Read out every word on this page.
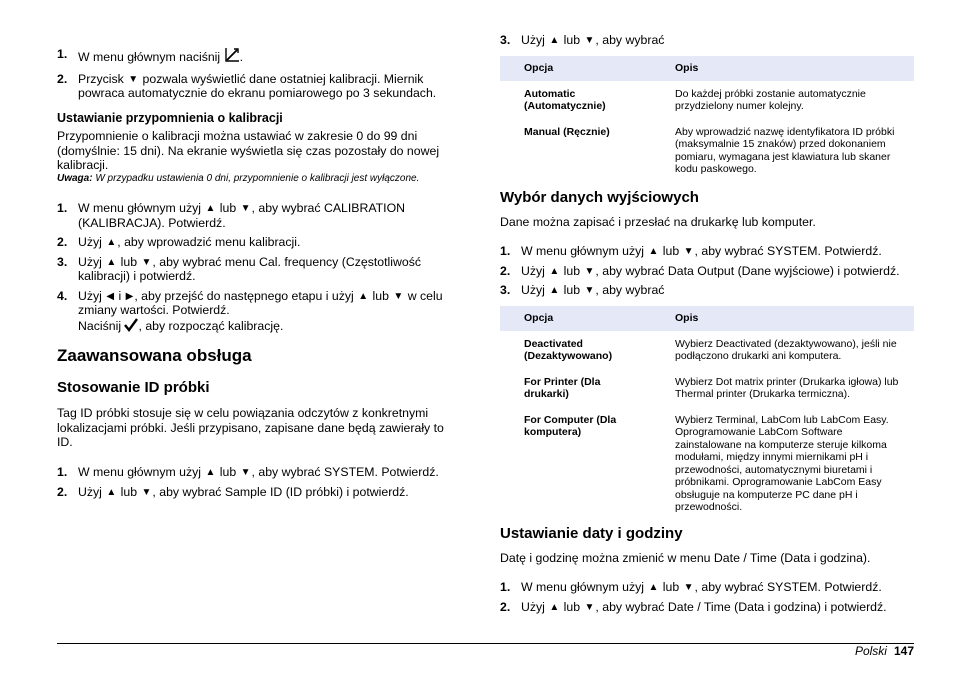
1. W menu głównym naciśnij .
2. Przycisk ▼ pozwala wyświetlić dane ostatniej kalibracji. Miernik powraca automatycznie do ekranu pomiarowego po 3 sekundach.
Ustawianie przypomnienia o kalibracji

Przypomnienie o kalibracji można ustawiać w zakresie 0 do 99 dni (domyślnie: 15 dni). Na ekranie wyświetla się czas pozostały do nowej kalibracji.

Uwaga: W przypadku ustawienia 0 dni, przypomnienie o kalibracji jest wyłączone.

1. W menu głównym użyj ▲ lub ▼, aby wybrać CALIBRATION (KALIBRACJA). Potwierdź.
2. Użyj ▲, aby wprowadzić menu kalibracji.
3. Użyj ▲ lub ▼, aby wybrać menu Cal. frequency (Częstotliwość kalibracji) i potwierdź.
4. Użyj ◀ i ▶, aby przejść do następnego etapu i użyj ▲ lub ▼ w celu zmiany wartości. Potwierdź.
Naciśnij , aby rozpocząć kalibrację.
Zaawansowana obsługa
Stosowanie ID próbki

Tag ID próbki stosuje się w celu powiązania odczytów z konkretnymi lokalizacjami próbki. Jeśli przypisano, zapisane dane będą zawierały to ID.

1. W menu głównym użyj ▲ lub ▼, aby wybrać SYSTEM. Potwierdź.
2. Użyj ▲ lub ▼, aby wybrać Sample ID (ID próbki) i potwierdź.
3. Użyj ▲ lub ▼, aby wybrać
Opcja	Opis
Automatic (Automatycznie)	Do każdej próbki zostanie automatycznie przydzielony numer kolejny.
Manual (Ręcznie)	Aby wprowadzić nazwę identyfikatora ID próbki (maksymalnie 15 znaków) przed dokonaniem pomiaru, wymagana jest klawiatura lub skaner kodu paskowego.
Wybór danych wyjściowych

Dane można zapisać i przesłać na drukarkę lub komputer.

1. W menu głównym użyj ▲ lub ▼, aby wybrać SYSTEM. Potwierdź.
2. Użyj ▲ lub ▼, aby wybrać Data Output (Dane wyjściowe) i potwierdź.
3. Użyj ▲ lub ▼, aby wybrać
Opcja	Opis
Deactivated (Dezaktywowano)	Wybierz Deactivated (dezaktywowano), jeśli nie podłączono drukarki ani komputera.
For Printer (Dla drukarki)	Wybierz Dot matrix printer (Drukarka igłowa) lub Thermal printer (Drukarka termiczna).
For Computer (Dla komputera)	Wybierz Terminal, LabCom lub LabCom Easy. Oprogramowanie LabCom Software zainstalowane na komputerze steruje kilkoma modułami, między innymi miernikami pH i przewodności, automatycznymi biuretami i próbnikami. Oprogramowanie LabCom Easy obsługuje na komputerze PC dane pH i przewodności.
Ustawianie daty i godziny

Datę i godzinę można zmienić w menu Date / Time (Data i godzina).

1. W menu głównym użyj ▲ lub ▼, aby wybrać SYSTEM. Potwierdź.
2. Użyj ▲ lub ▼, aby wybrać Date / Time (Data i godzina) i potwierdź.
Polski 147
